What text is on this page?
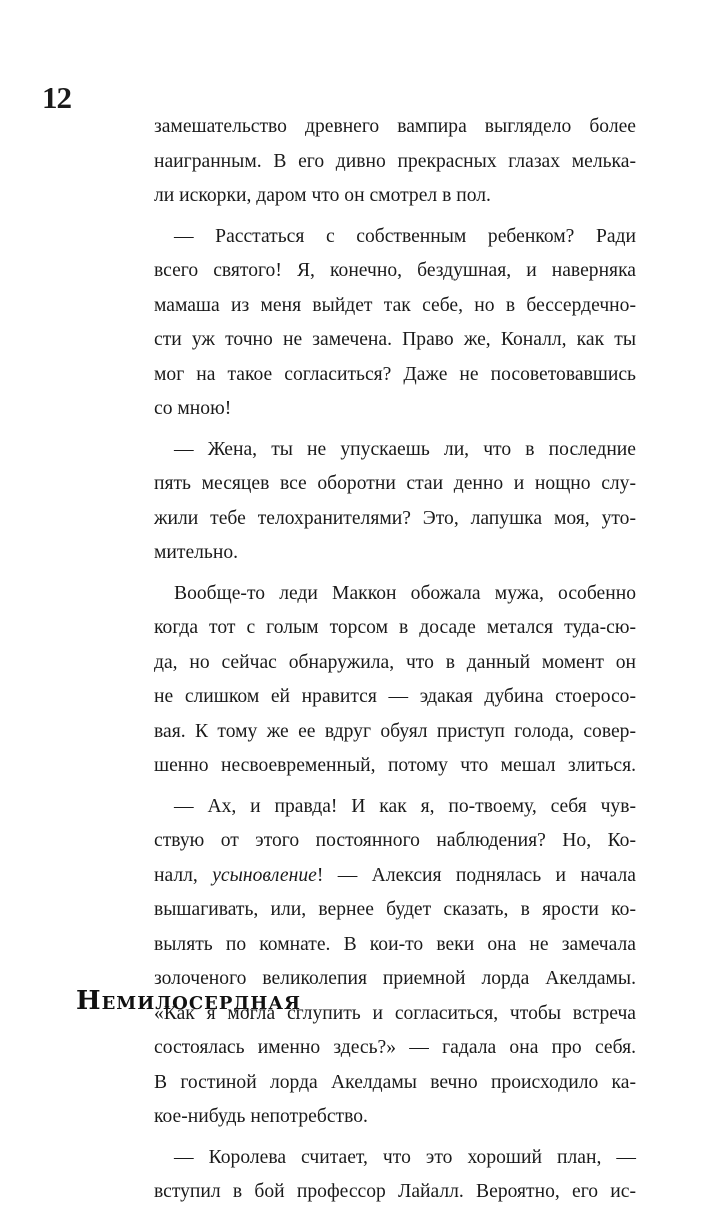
12
замешательство древнего вампира выглядело более
наигранным. В его дивно прекрасных глазах мелька-
ли искорки, даром что он смотрел в пол.
— Расстаться с собственным ребенком? Ради
всего святого! Я, конечно, бездушная, и наверняка
мамаша из меня выйдет так себе, но в бессердечно-
сти уж точно не замечена. Право же, Коналл, как ты
мог на такое согласиться? Даже не посоветовавшись
со мною!
— Жена, ты не упускаешь ли, что в последние
пять месяцев все оборотни стаи денно и нощно слу-
жили тебе телохранителями? Это, лапушка моя, уто-
мительно.
Вообще-то леди Маккон обожала мужа, особенно
когда тот с голым торсом в досаде метался туда-сю-
да, но сейчас обнаружила, что в данный момент он
не слишком ей нравится — эдакая дубина стоеросо-
вая. К тому же ее вдруг обуял приступ голода, совер-
шенно несвоевременный, потому что мешал злиться.
— Ах, и правда! И как я, по-твоему, себя чув-
ствую от этого постоянного наблюдения? Но, Ко-
налл, усыновление! — Алексия поднялась и начала
вышагивать, или, вернее будет сказать, в ярости ко-
вылять по комнате. В кои-то веки она не замечала
золоченого великолепия приемной лорда Акелдамы.
«Как я могла сглупить и согласиться, чтобы встреча
состоялась именно здесь?» — гадала она про себя.
В гостиной лорда Акелдамы вечно происходило ка-
кое-нибудь непотребство.
— Королева считает, что это хороший план, —
вступил в бой профессор Лайалл. Вероятно, его ис-
Немилосердная
